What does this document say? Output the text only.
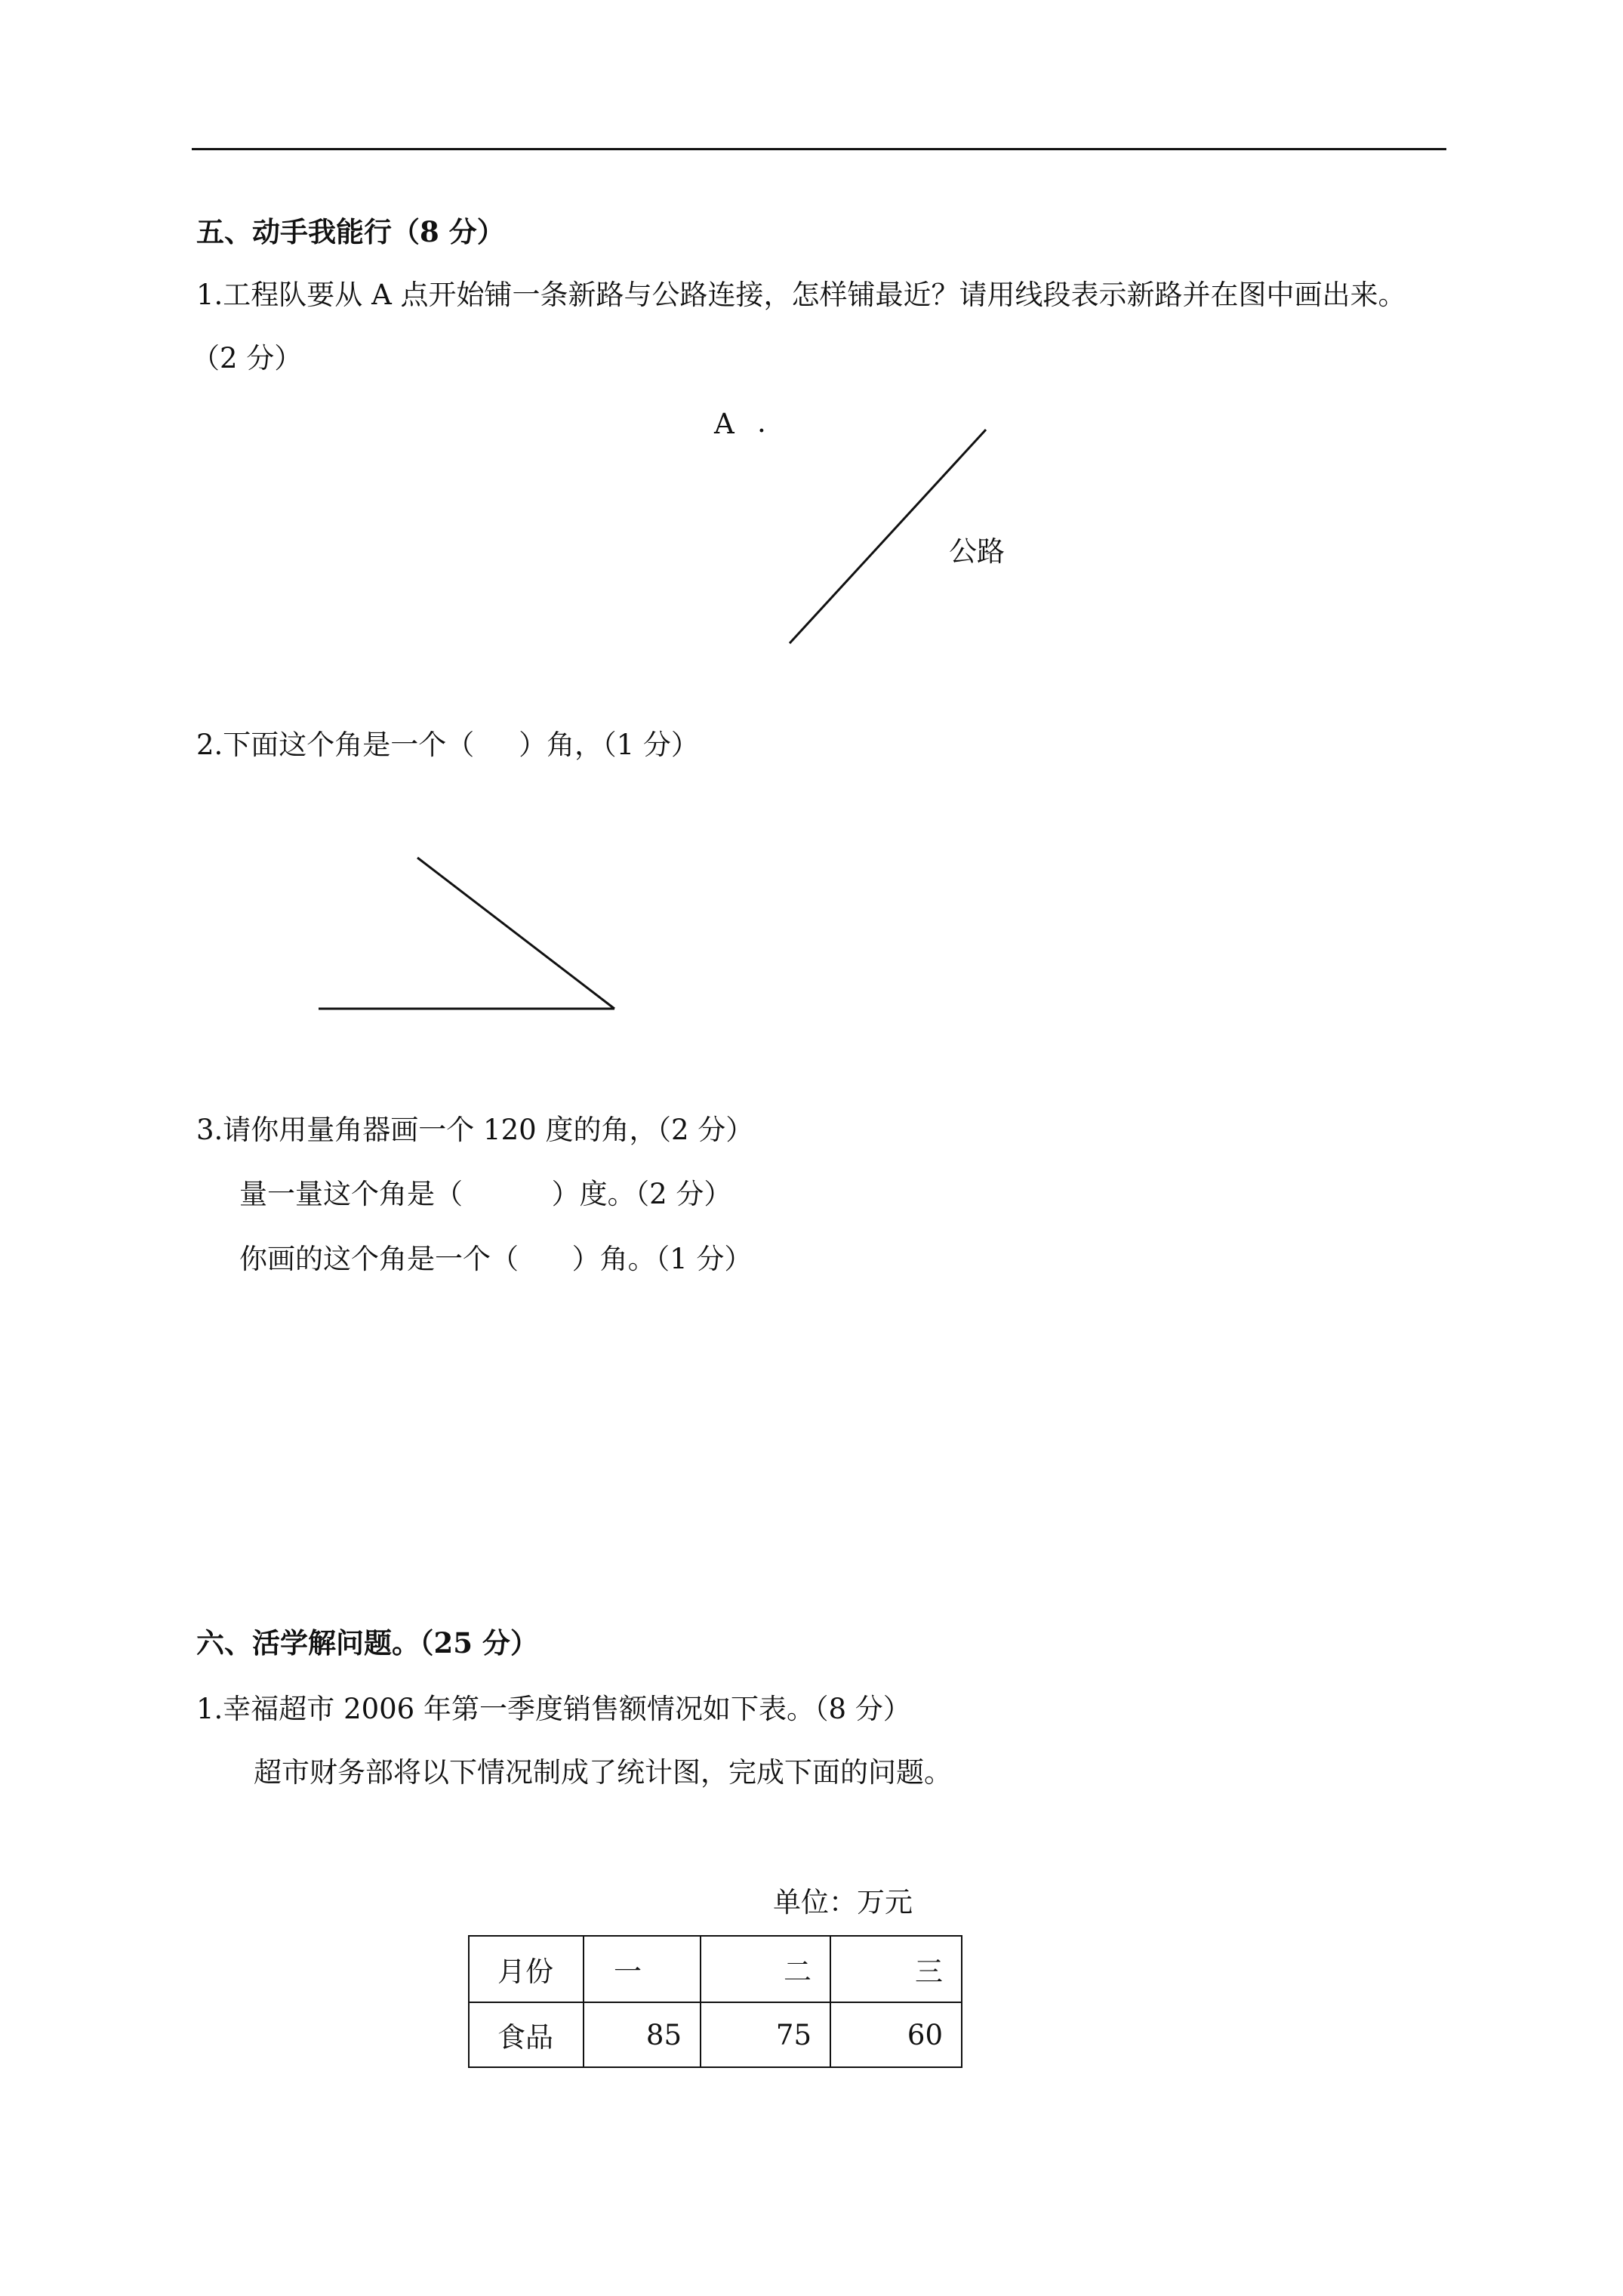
五、动手我能行（8 分）
1.工程队要从 A 点开始铺一条新路与公路连接，怎样铺最近？请用线段表示新路并在图中画出来。
（2 分）
A .
公路
2.下面这个角是一个（     ）角，（1 分）
3.请你用量角器画一个 120 度的角，（2 分）
量一量这个角是（          ）度。（2 分）
你画的这个角是一个（      ）角。（1 分）
六、活学解问题。（25 分）
1.幸福超市 2006 年第一季度销售额情况如下表。（8 分）
超市财务部将以下情况制成了统计图，完成下面的问题。
单位：万元
月份	一	二	三
食品	85	75	60
